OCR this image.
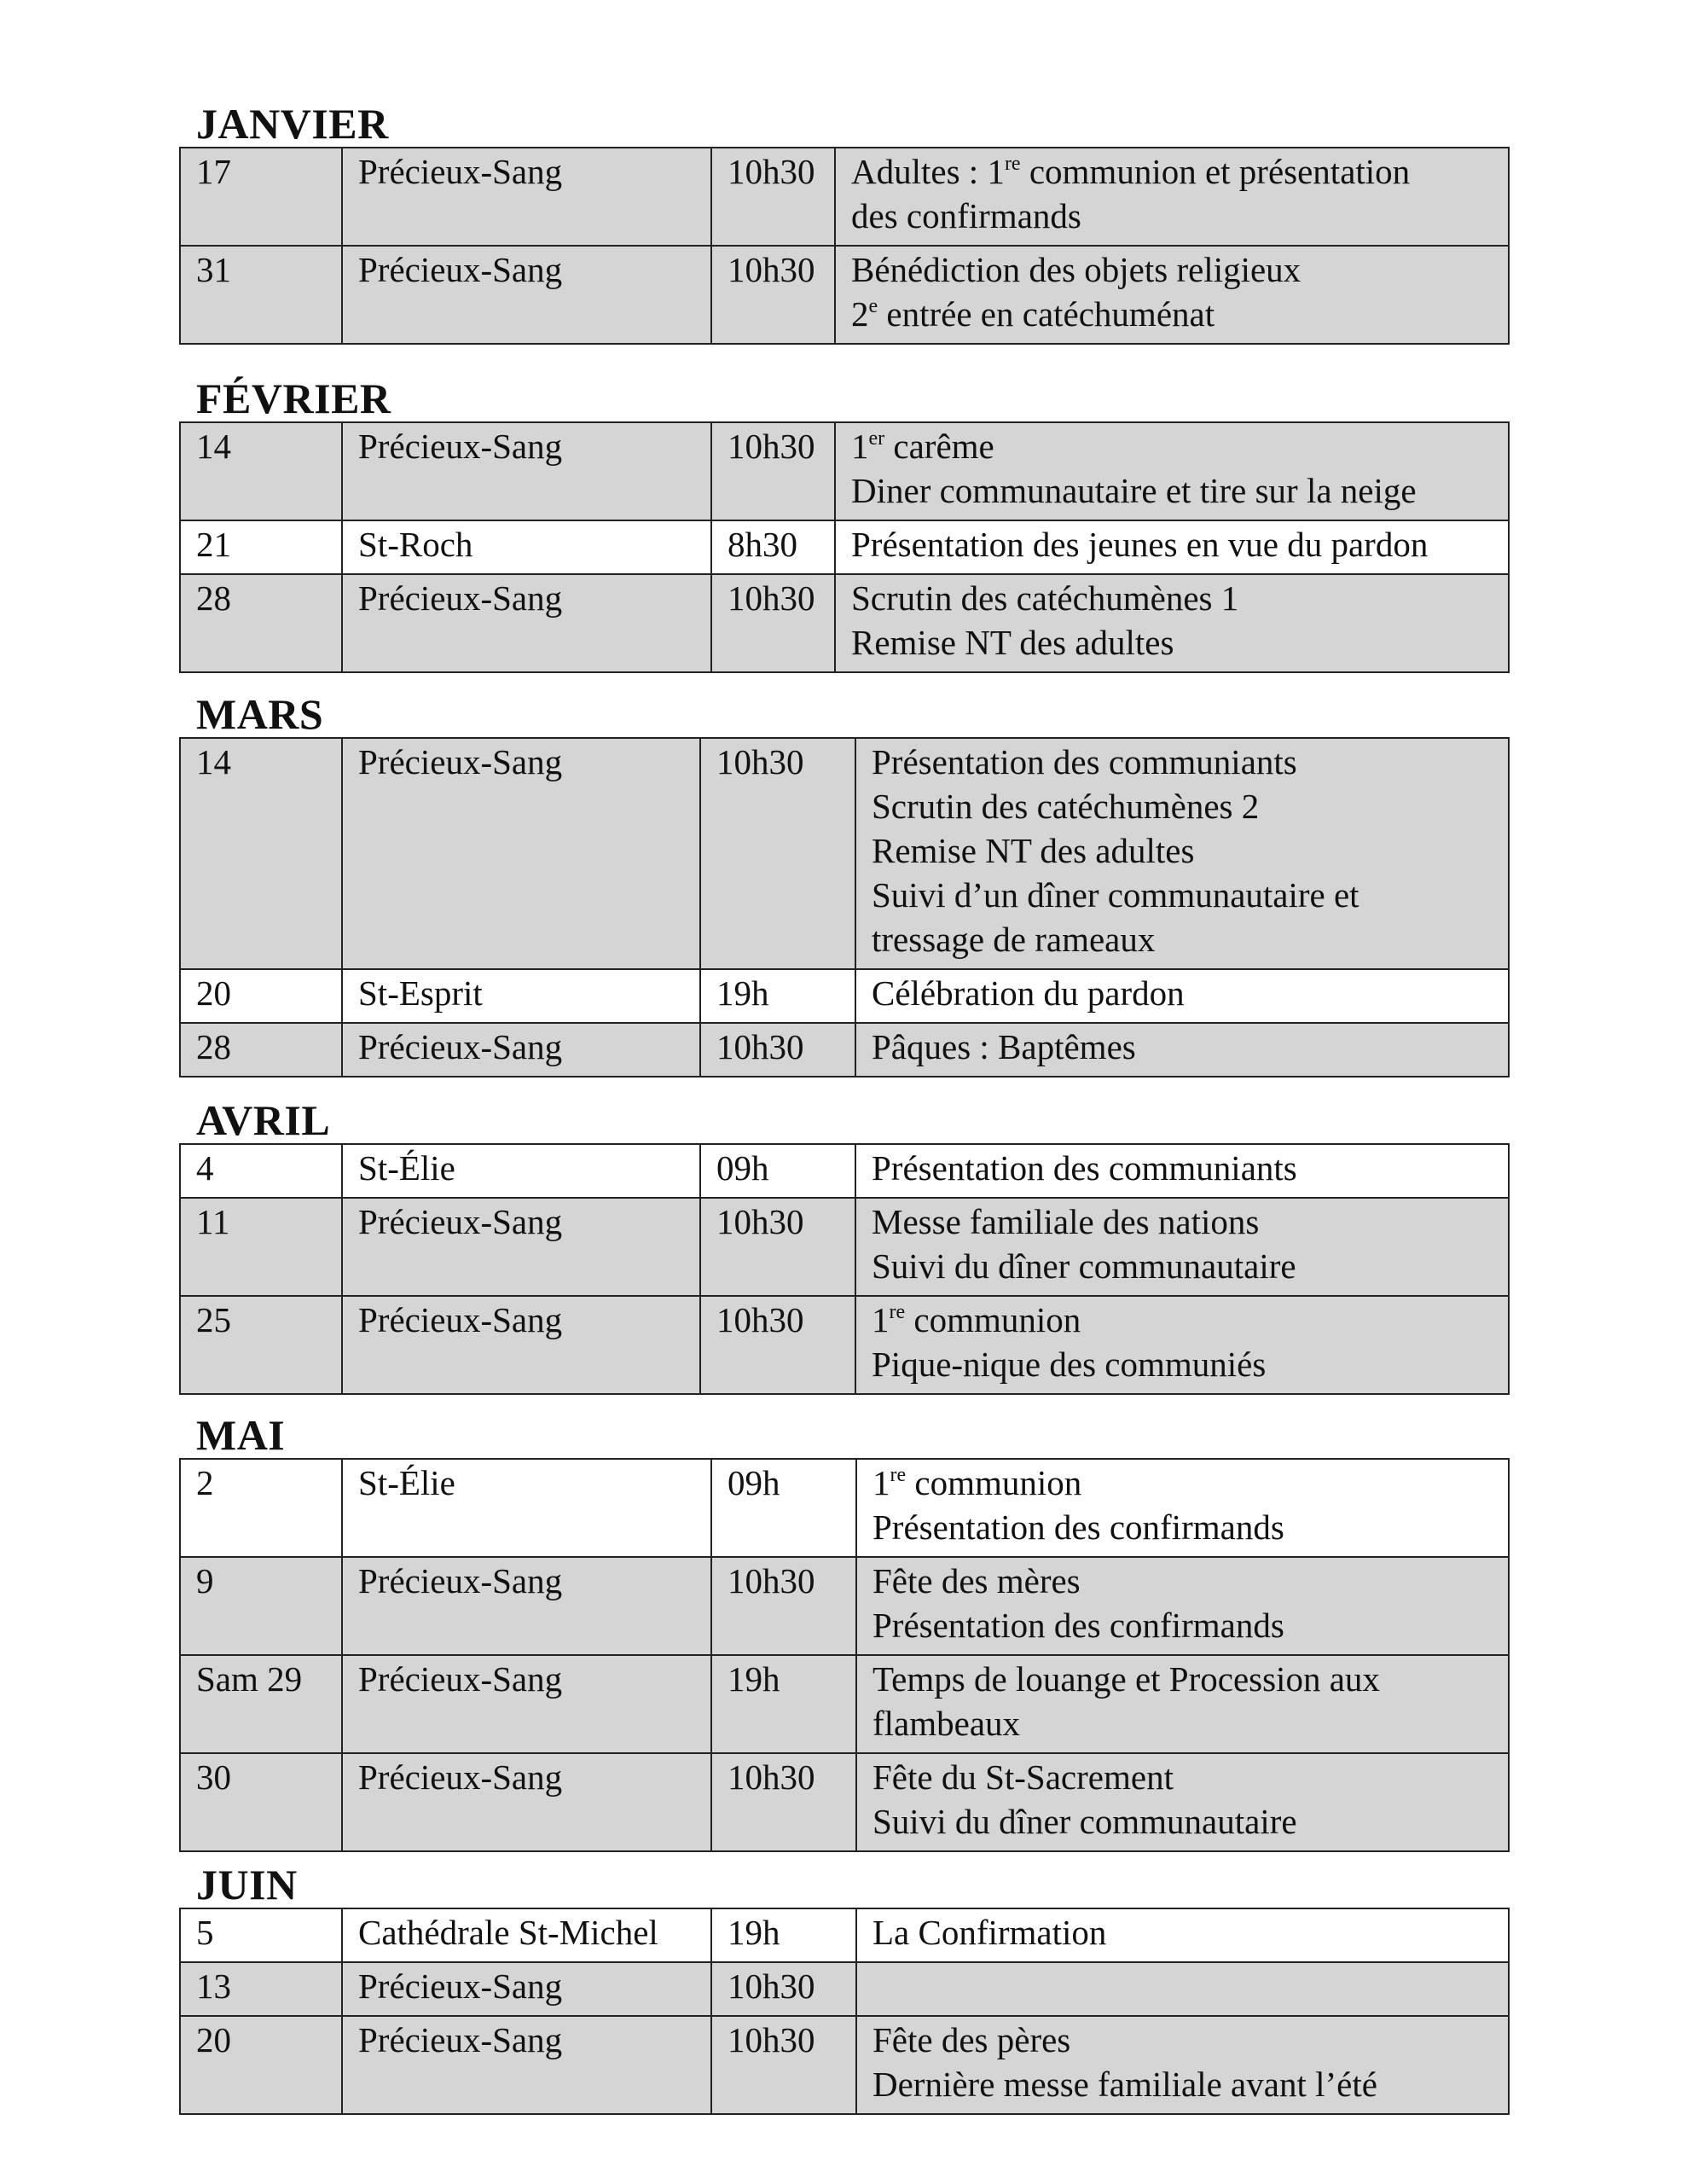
JANVIER
17	Précieux-Sang	10h30	Adultes : 1re communion et présentation
des confirmands

31	Précieux-Sang	10h30	Bénédiction des objets religieux
2e entrée en catéchuménat
FÉVRIER
14	Précieux-Sang	10h30	1er carême
Diner communautaire et tire sur la neige

21	St-Roch	8h30	Présentation des jeunes en vue du pardon

28	Précieux-Sang	10h30	Scrutin des catéchumènes 1
Remise NT des adultes
MARS
14	Précieux-Sang	10h30	Présentation des communiants
Scrutin des catéchumènes 2
Remise NT des adultes
Suivi d’un dîner communautaire et
tressage de rameaux

20	St-Esprit	19h	Célébration du pardon

28	Précieux-Sang	10h30	Pâques : Baptêmes
AVRIL
4	St-Élie	09h	Présentation des communiants

11	Précieux-Sang	10h30	Messe familiale des nations
Suivi du dîner communautaire

25	Précieux-Sang	10h30	1re communion
Pique-nique des communiés
MAI
2	St-Élie	09h	1re communion
Présentation des confirmands

9	Précieux-Sang	10h30	Fête des mères
Présentation des confirmands

Sam 29	Précieux-Sang	19h	Temps de louange et Procession aux
flambeaux

30	Précieux-Sang	10h30	Fête du St-Sacrement
Suivi du dîner communautaire
JUIN
5	Cathédrale St-Michel	19h	La Confirmation

13	Précieux-Sang	10h30	
20	Précieux-Sang	10h30	Fête des pères
Dernière messe familiale avant l’été
